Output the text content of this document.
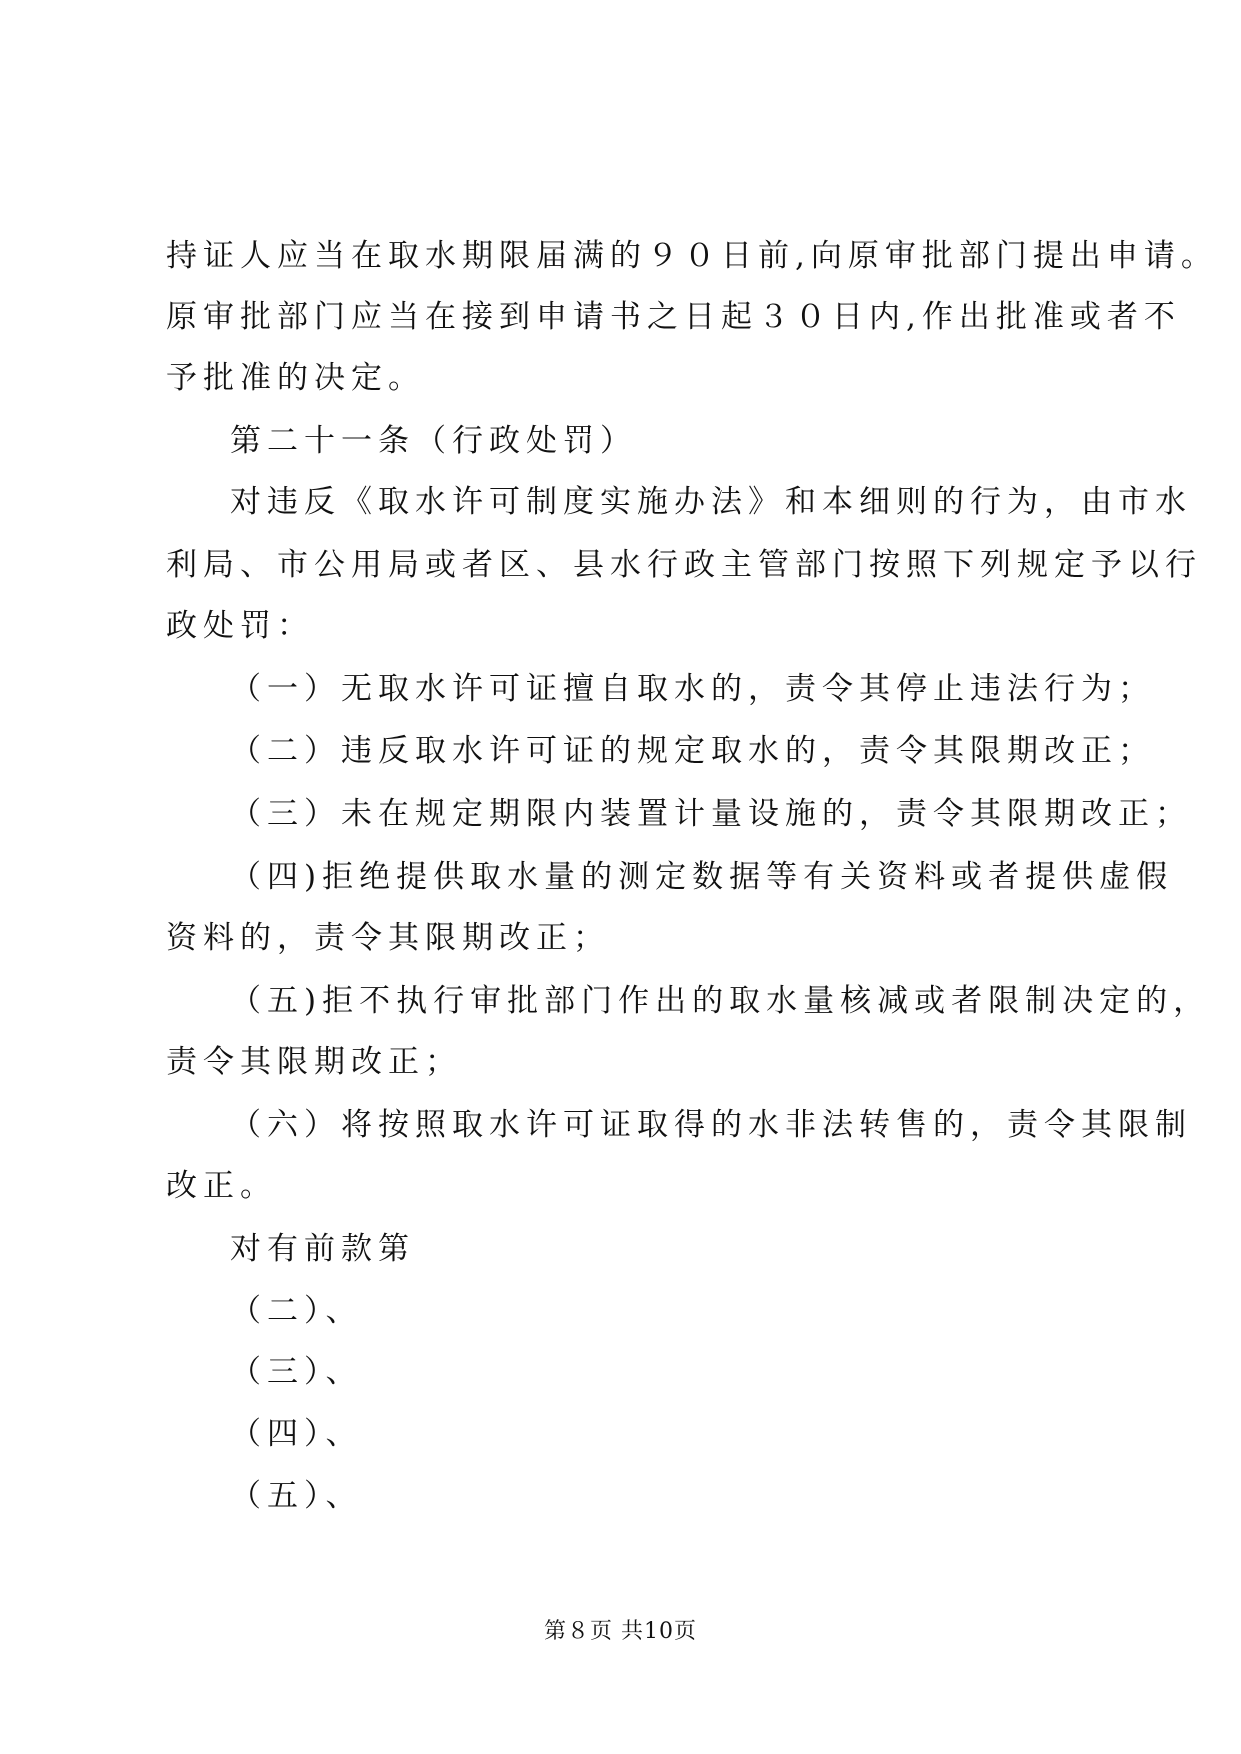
持证人应当在取水期限届满的９０日前,向原审批部门提出申请。
原审批部门应当在接到申请书之日起３０日内,作出批准或者不
予批准的决定。
第二十一条（行政处罚）
对违反《取水许可制度实施办法》和本细则的行为，由市水
利局、市公用局或者区、县水行政主管部门按照下列规定予以行
政处罚：
（一）无取水许可证擅自取水的，责令其停止违法行为；
（二）违反取水许可证的规定取水的，责令其限期改正；
（三）未在规定期限内装置计量设施的，责令其限期改正；
（四)拒绝提供取水量的测定数据等有关资料或者提供虚假
资料的，责令其限期改正；
（五)拒不执行审批部门作出的取水量核减或者限制决定的，
责令其限期改正；
（六）将按照取水许可证取得的水非法转售的，责令其限制
改正。
对有前款第
（二）、
（三）、
（四）、
（五）、
第８页 共10页
